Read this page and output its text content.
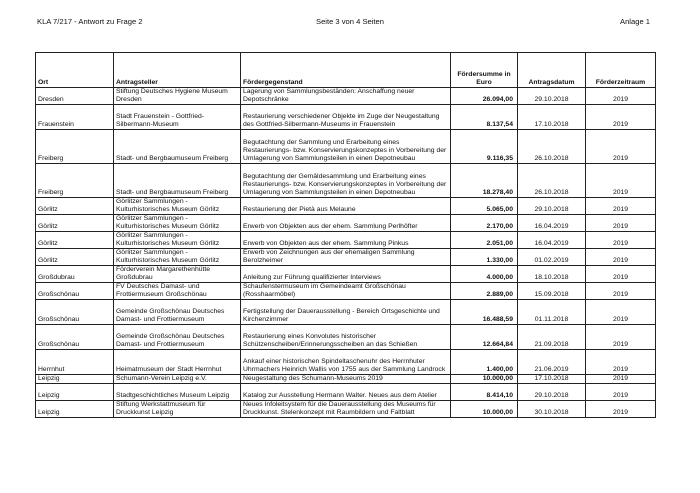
KLA 7/217 - Antwort zu Frage 2	Seite 3 von 4 Seiten	Anlage 1
Ort	Antragsteller	Fördergegenstand	Fördersumme in Euro	Antragsdatum	Förderzeitraum
Dresden	Stiftung Deutsches Hygiene Museum Dresden	Lagerung von Sammlungsbeständen: Anschaffung neuer Depotschränke	26.094,00	29.10.2018	2019
Frauenstein	Stadt Frauenstein - Gottfried-Silbermann-Museum	Restaurierung verschiedener Objekte im Zuge der Neugestaltung des Gottfried-Silbermann-Museums in Frauenstein	8.137,54	17.10.2018	2019
Freiberg	Stadt- und Bergbaumuseum Freiberg	Begutachtung der Sammlung und Erarbeitung eines Restaurierungs- bzw. Konservierungskonzeptes in Vorbereitung der Umlagerung von Sammlungsteilen in einen Depotneubau	9.116,35	26.10.2018	2019
Freiberg	Stadt- und Bergbaumuseum Freiberg	Begutachtung der Gemäldesammlung und Erarbeitung eines Restaurierungs- bzw. Konservierungskonzeptes in Vorbereitung der Umlagerung von Sammlungsteilen in einen Depotneubau	18.278,40	26.10.2018	2019
Görlitz	Görlitzer Sammlungen - Kulturhistorisches Museum Görlitz	Restaurierung der Pietà aus Melaune	5.065,00	29.10.2018	2019
Görlitz	Görlitzer Sammlungen - Kulturhistorisches Museum Görlitz	Erwerb von Objekten aus der ehem. Sammlung Perlhöfter	2.170,00	16.04.2019	2019
Görlitz	Görlitzer Sammlungen - Kulturhistorisches Museum Görlitz	Erwerb von Objekten aus der ehem. Sammlung Pinkus	2.051,00	16.04.2019	2019
Görlitz	Görlitzer Sammlungen - Kulturhistorisches Museum Görlitz	Erwerb von Zeichnungen aus der ehemaligen Sammlung Berolzheimer	1.330,00	01.02.2019	2019
Großdubrau	Förderverein Margarethenhütte Großdubrau	Anleitung zur Führung qualifizierter Interviews	4.000,00	18.10.2018	2019
Großschönau	FV Deutsches Damast- und Frottiermuseum Großschönau	Schaufenstermuseum im Gemeindeamt Großschönau (Rosshaarmöbel)	2.889,00	15.09.2018	2019
Großschönau	Gemeinde Großschönau Deutsches Damast- und Frottiermuseum	Fertigstellung der Dauerausstellung - Bereich Ortsgeschichte und Kirchenzimmer	16.488,59	01.11.2018	2019
Großschönau	Gemeinde Großschönau Deutsches Damast- und Frottiermuseum	Restaurierung eines Konvolutes historischer Schützenscheiben/Erinnerungsscheiben an das Schießen	12.664,84	21.09.2018	2019
Herrnhut	Heimatmuseum der Stadt Herrnhut	Ankauf einer historischen Spindeltaschenuhr des Herrnhuter Uhrmachers Heinrich Wallis von 1755 aus der Sammlung Landrock	1.400,00	21.06.2019	2019
Leipzig	Schumann-Verein Leipzig e.V.	Neugestaltung des Schumann-Museums 2019	10.000,00	17.10.2018	2019
Leipzig	Stadtgeschichtliches Museum Leipzig	Katalog zur Ausstellung Hermann Walter. Neues aus dem Atelier	8.414,10	29.10.2018	2019
Leipzig	Stiftung Werkstattmuseum für Druckkunst Leipzig	Neues Infoleitsystem für die Dauerausstellung des Museums für Druckkunst. Stelenkonzept mit Raumbildern und Faltblatt	10.000,00	30.10.2018	2019
